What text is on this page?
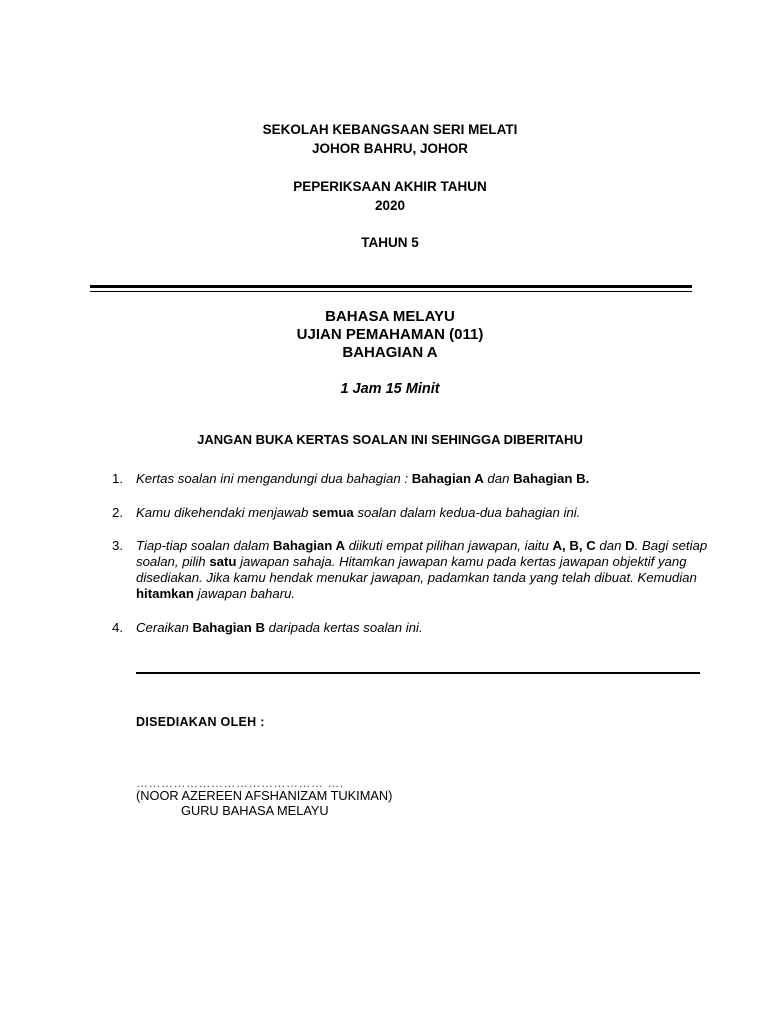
SEKOLAH KEBANGSAAN SERI MELATI
JOHOR BAHRU, JOHOR
PEPERIKSAAN AKHIR TAHUN
2020
TAHUN 5
BAHASA MELAYU
UJIAN PEMAHAMAN (011)
BAHAGIAN A
1 Jam 15 Minit
JANGAN BUKA KERTAS SOALAN INI SEHINGGA DIBERITAHU
1. Kertas soalan ini mengandungi dua bahagian : Bahagian A dan Bahagian B.
2. Kamu dikehendaki menjawab semua soalan dalam kedua-dua bahagian ini.
3. Tiap-tiap soalan dalam Bahagian A diikuti empat pilihan jawapan, iaitu A, B, C dan D. Bagi setiap soalan, pilih satu jawapan sahaja. Hitamkan jawapan kamu pada kertas jawapan objektif yang disediakan. Jika kamu hendak menukar jawapan, padamkan tanda yang telah dibuat. Kemudian hitamkan jawapan baharu.
4. Ceraikan Bahagian B daripada kertas soalan ini.
DISEDIAKAN OLEH :
……………………………………… ….
(NOOR AZEREEN AFSHANIZAM TUKIMAN)
GURU BAHASA MELAYU
